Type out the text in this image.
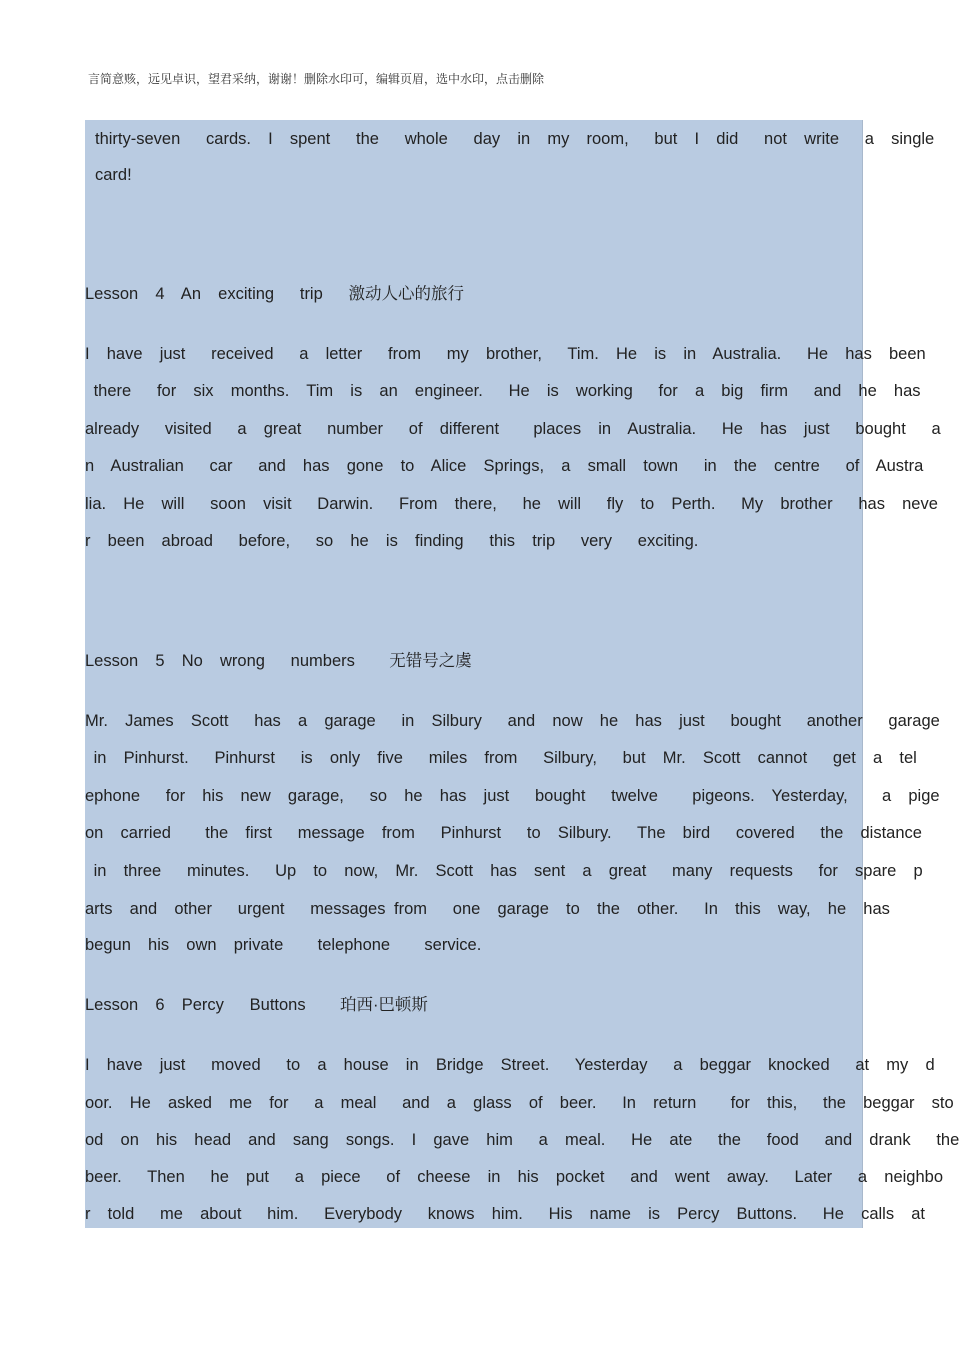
言简意赅，远见卓识，望君采纳，谢谢！删除水印可，编辑页眉，选中水印，点击删除
thirty-seven   cards.  I  spent   the   whole   day  in  my  room,   but  I  did   not  write   a  single
card!
Lesson  4  An  exciting   trip   激动人心的旅行
I  have  just   received   a  letter   from   my  brother,   Tim.  He  is  in  Australia.   He  has  been
there   for  six  months.  Tim  is  an  engineer.   He  is  working   for  a  big  firm   and  he  has
already   visited   a  great   number   of  different    places  in  Australia.   He  has  just   bought   a
n  Australian   car   and  has  gone  to  Alice  Springs,  a  small  town   in  the  centre   of  Austra
lia.  He  will   soon  visit   Darwin.   From  there,   he  will   fly  to  Perth.   My  brother   has  neve
r  been  abroad   before,   so  he  is  finding   this  trip   very   exciting.
Lesson  5  No  wrong   numbers    无错号之虞
Mr.  James  Scott   has  a  garage   in  Silbury   and  now  he  has  just   bought   another   garage
in  Pinhurst.   Pinhurst   is  only  five   miles  from   Silbury,   but  Mr.  Scott  cannot   get  a  tel
ephone   for  his  new  garage,   so  he  has  just   bought   twelve    pigeons.  Yesterday,    a  pige
on  carried    the  first   message  from   Pinhurst   to  Silbury.   The  bird   covered   the  distance
in  three   minutes.   Up  to  now,  Mr.  Scott  has  sent  a  great   many  requests   for  spare  p
arts  and  other   urgent   messages from   one  garage  to  the  other.   In  this  way,  he  has
begun  his  own  private    telephone    service.
Lesson  6  Percy   Buttons    珀西·巴顿斯
I  have  just   moved   to  a  house  in  Bridge  Street.   Yesterday   a  beggar  knocked   at  my  d
oor.  He  asked  me  for   a  meal   and  a  glass  of  beer.   In  return    for  this,   the  beggar  sto
od  on  his  head  and  sang  songs.  I  gave  him   a  meal.   He  ate   the   food   and  drank   the
beer.   Then   he  put   a  piece   of  cheese  in  his  pocket   and  went  away.   Later   a  neighbo
r  told   me  about   him.   Everybody   knows  him.   His  name  is  Percy  Buttons.   He  calls  at
